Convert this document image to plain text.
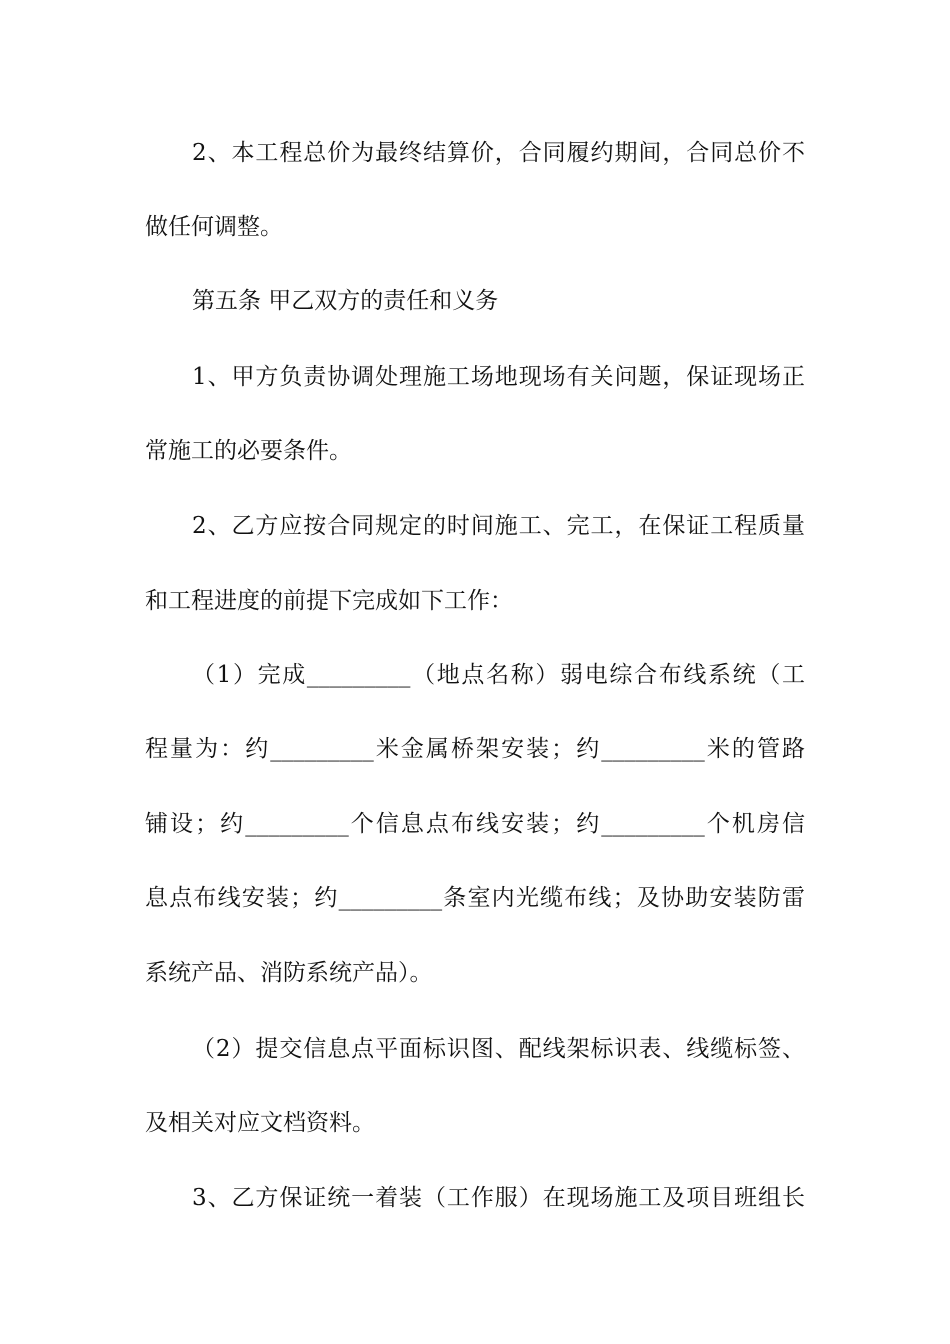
2、本工程总价为最终结算价，合同履约期间，合同总价不
做任何调整。
第五条 甲乙双方的责任和义务
1、甲方负责协调处理施工场地现场有关问题，保证现场正
常施工的必要条件。
2、乙方应按合同规定的时间施工、完工，在保证工程质量
和工程进度的前提下完成如下工作：
（1）完成_________（地点名称）弱电综合布线系统（工
程量为：约_________米金属桥架安装；约_________米的管路
铺设；约_________个信息点布线安装；约_________个机房信
息点布线安装；约_________条室内光缆布线；及协助安装防雷
系统产品、消防系统产品）。
（2）提交信息点平面标识图、配线架标识表、线缆标签、
及相关对应文档资料。
3、乙方保证统一着装（工作服）在现场施工及项目班组长
